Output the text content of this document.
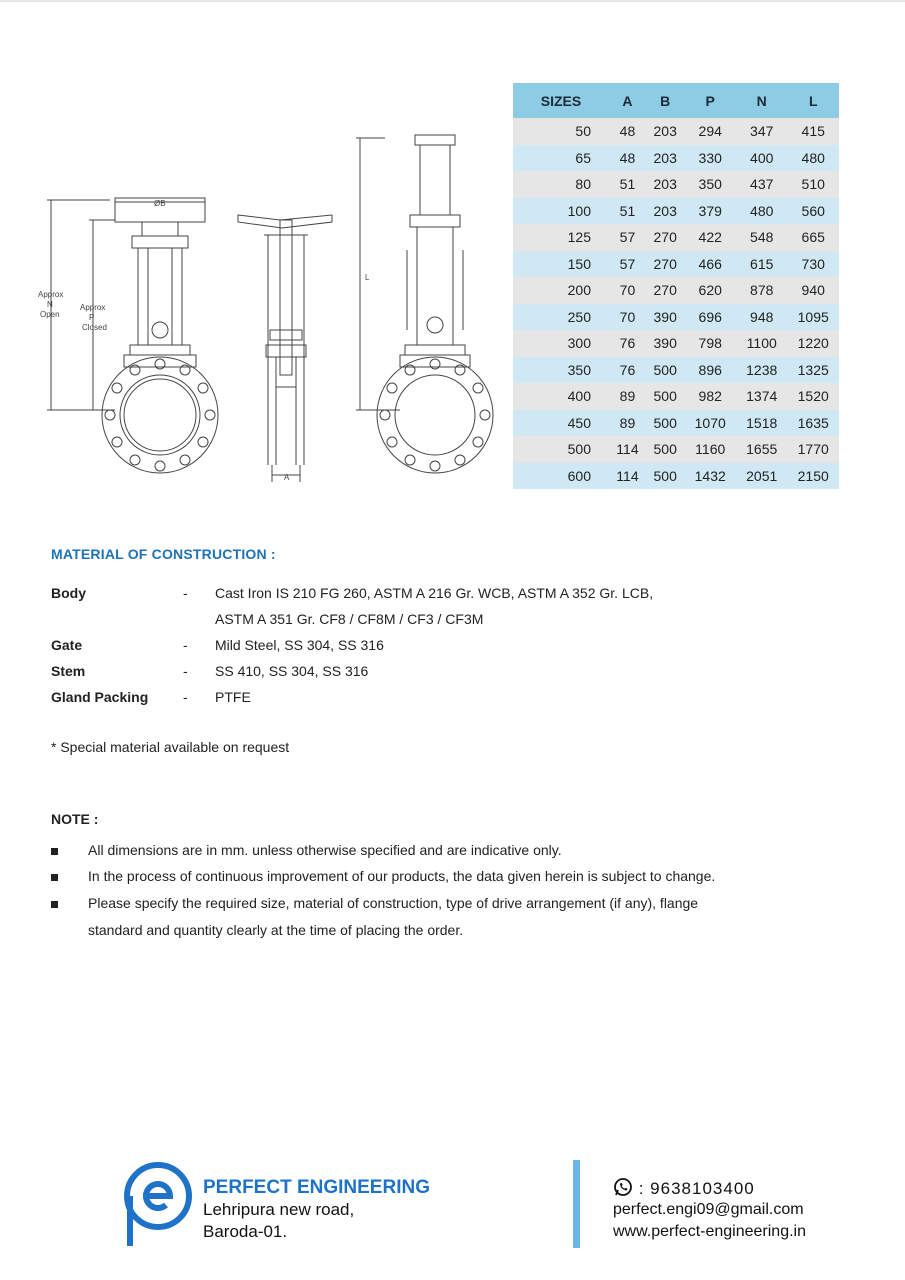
Approx
N
Open
Approx
P
Closed
ØB
A
L
SIZES	A	B	P	N	L
50	48	203	294	347	415
65	48	203	330	400	480
80	51	203	350	437	510
100	51	203	379	480	560
125	57	270	422	548	665
150	57	270	466	615	730
200	70	270	620	878	940
250	70	390	696	948	1095
300	76	390	798	1100	1220
350	76	500	896	1238	1325
400	89	500	982	1374	1520
450	89	500	1070	1518	1635
500	114	500	1160	1655	1770
600	114	500	1432	2051	2150
MATERIAL OF CONSTRUCTION :
Body	- Cast Iron IS 210 FG 260, ASTM A 216 Gr. WCB, ASTM A 352 Gr. LCB,
ASTM A 351 Gr. CF8 / CF8M / CF3 / CF3M
Gate	- Mild Steel, SS 304, SS 316
Stem	- SS 410, SS 304, SS 316
Gland Packing	- PTFE
* Special material available on request
NOTE :
All dimensions are in mm. unless otherwise specified and are indicative only.
In the process of continuous improvement of our products, the data given herein is subject to change.
Please specify the required size, material of construction, type of drive arrangement (if any), flange standard and quantity clearly at the time of placing the order.
PERFECT ENGINEERING
Lehripura new road,
Baroda-01.
: 9638103400
perfect.engi09@gmail.com
www.perfect-engineering.in
